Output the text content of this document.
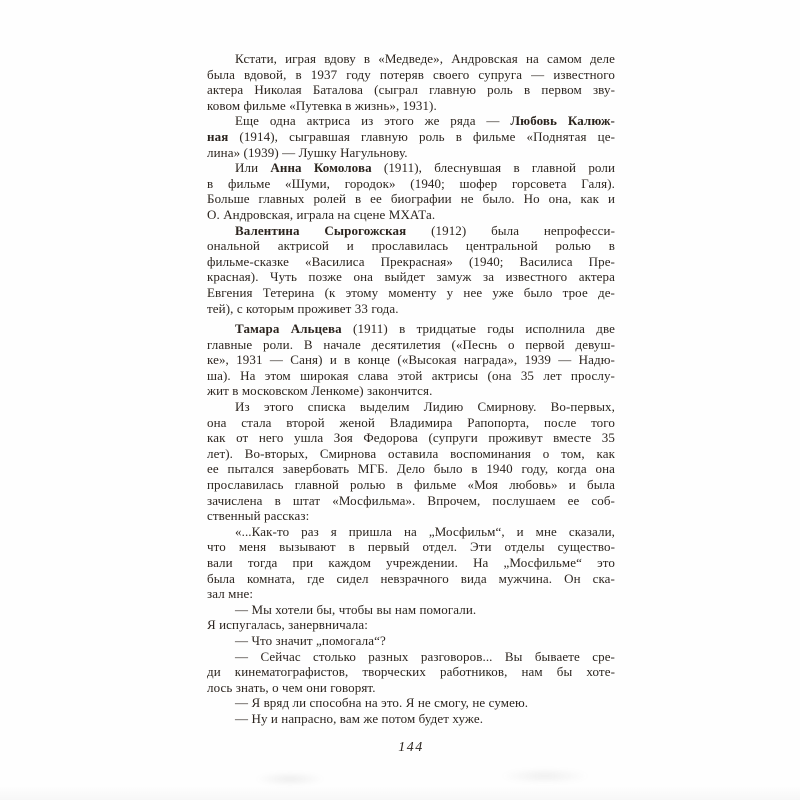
Кстати, играя вдову в «Медведе», Андровская на самом деле
была вдовой, в 1937 году потеряв своего супруга — известного
актера Николая Баталова (сыграл главную роль в первом зву-
ковом фильме «Путевка в жизнь», 1931).
Еще одна актриса из этого же ряда — Любовь Калюж-
ная (1914), сыгравшая главную роль в фильме «Поднятая це-
лина» (1939) — Лушку Нагульнову.
Или Анна Комолова (1911), блеснувшая в главной роли
в фильме «Шуми, городок» (1940; шофер горсовета Галя).
Больше главных ролей в ее биографии не было. Но она, как и
О. Андровская, играла на сцене МХАТа.
Валентина Сырогожская (1912) была непрофесси-
ональной актрисой и прославилась центральной ролью в
фильме-сказке «Василиса Прекрасная» (1940; Василиса Пре-
красная). Чуть позже она выйдет замуж за известного актера
Евгения Тетерина (к этому моменту у нее уже было трое де-
тей), с которым проживет 33 года.
Тамара Альцева (1911) в тридцатые годы исполнила две
главные роли. В начале десятилетия («Песнь о первой девуш-
ке», 1931 — Саня) и в конце («Высокая награда», 1939 — Надю-
ша). На этом широкая слава этой актрисы (она 35 лет прослу-
жит в московском Ленкоме) закончится.
Из этого списка выделим Лидию Смирнову. Во-первых,
она стала второй женой Владимира Рапопорта, после того
как от него ушла Зоя Федорова (супруги проживут вместе 35
лет). Во-вторых, Смирнова оставила воспоминания о том, как
ее пытался завербовать МГБ. Дело было в 1940 году, когда она
прославилась главной ролью в фильме «Моя любовь» и была
зачислена в штат «Мосфильма». Впрочем, послушаем ее соб-
ственный рассказ:
«...Как-то раз я пришла на „Мосфильм“, и мне сказали,
что меня вызывают в первый отдел. Эти отделы существо-
вали тогда при каждом учреждении. На „Мосфильме“ это
была комната, где сидел невзрачного вида мужчина. Он ска-
зал мне:
— Мы хотели бы, чтобы вы нам помогали.
Я испугалась, занервничала:
— Что значит „помогала“?
— Сейчас столько разных разговоров... Вы бываете сре-
ди кинематографистов, творческих работников, нам бы хоте-
лось знать, о чем они говорят.
— Я вряд ли способна на это. Я не смогу, не сумею.
— Ну и напрасно, вам же потом будет хуже.
144
